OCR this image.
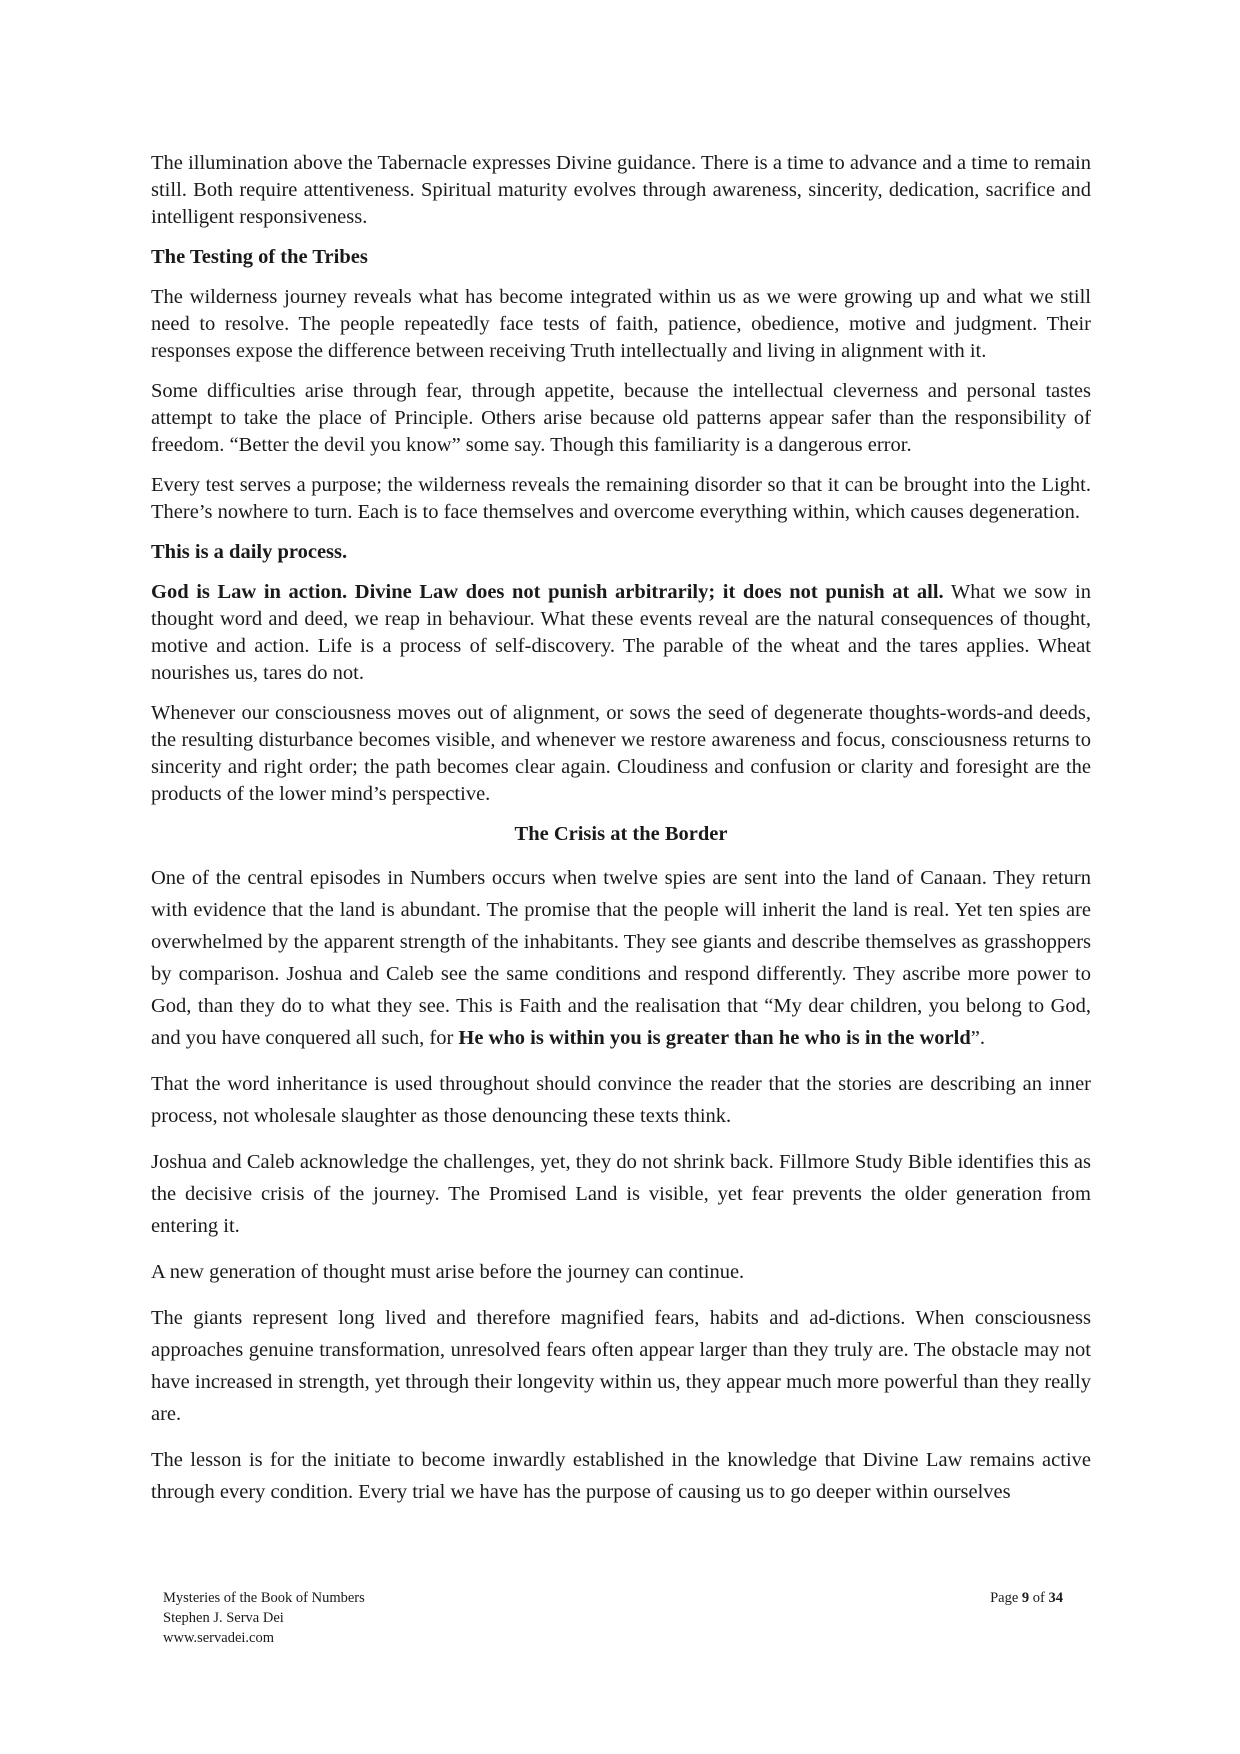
The illumination above the Tabernacle expresses Divine guidance. There is a time to advance and a time to remain still. Both require attentiveness. Spiritual maturity evolves through awareness, sincerity, dedication, sacrifice and intelligent responsiveness.

The Testing of the Tribes

The wilderness journey reveals what has become integrated within us as we were growing up and what we still need to resolve. The people repeatedly face tests of faith, patience, obedience, motive and judgment. Their responses expose the difference between receiving Truth intellectually and living in alignment with it.

Some difficulties arise through fear, through appetite, because the intellectual cleverness and personal tastes attempt to take the place of Principle. Others arise because old patterns appear safer than the responsibility of freedom. “Better the devil you know” some say. Though this familiarity is a dangerous error.

Every test serves a purpose; the wilderness reveals the remaining disorder so that it can be brought into the Light. There’s nowhere to turn. Each is to face themselves and overcome everything within, which causes degeneration.

This is a daily process.

God is Law in action. Divine Law does not punish arbitrarily; it does not punish at all. What we sow in thought word and deed, we reap in behaviour. What these events reveal are the natural consequences of thought, motive and action. Life is a process of self-discovery. The parable of the wheat and the tares applies. Wheat nourishes us, tares do not.

Whenever our consciousness moves out of alignment, or sows the seed of degenerate thoughts-words-and deeds, the resulting disturbance becomes visible, and whenever we restore awareness and focus, consciousness returns to sincerity and right order; the path becomes clear again. Cloudiness and confusion or clarity and foresight are the products of the lower mind’s perspective.

The Crisis at the Border

One of the central episodes in Numbers occurs when twelve spies are sent into the land of Canaan. They return with evidence that the land is abundant. The promise that the people will inherit the land is real. Yet ten spies are overwhelmed by the apparent strength of the inhabitants. They see giants and describe themselves as grasshoppers by comparison. Joshua and Caleb see the same conditions and respond differently. They ascribe more power to God, than they do to what they see. This is Faith and the realisation that “My dear children, you belong to God, and you have conquered all such, for He who is within you is greater than he who is in the world”.

That the word inheritance is used throughout should convince the reader that the stories are describing an inner process, not wholesale slaughter as those denouncing these texts think.

Joshua and Caleb acknowledge the challenges, yet, they do not shrink back. Fillmore Study Bible identifies this as the decisive crisis of the journey. The Promised Land is visible, yet fear prevents the older generation from entering it.

A new generation of thought must arise before the journey can continue.

The giants represent long lived and therefore magnified fears, habits and ad-dictions. When consciousness approaches genuine transformation, unresolved fears often appear larger than they truly are. The obstacle may not have increased in strength, yet through their longevity within us, they appear much more powerful than they really are.

The lesson is for the initiate to become inwardly established in the knowledge that Divine Law remains active through every condition. Every trial we have has the purpose of causing us to go deeper within ourselves

Mysteries of the Book of Numbers
Stephen J. Serva Dei
www.servadei.com
Page 9 of 34
